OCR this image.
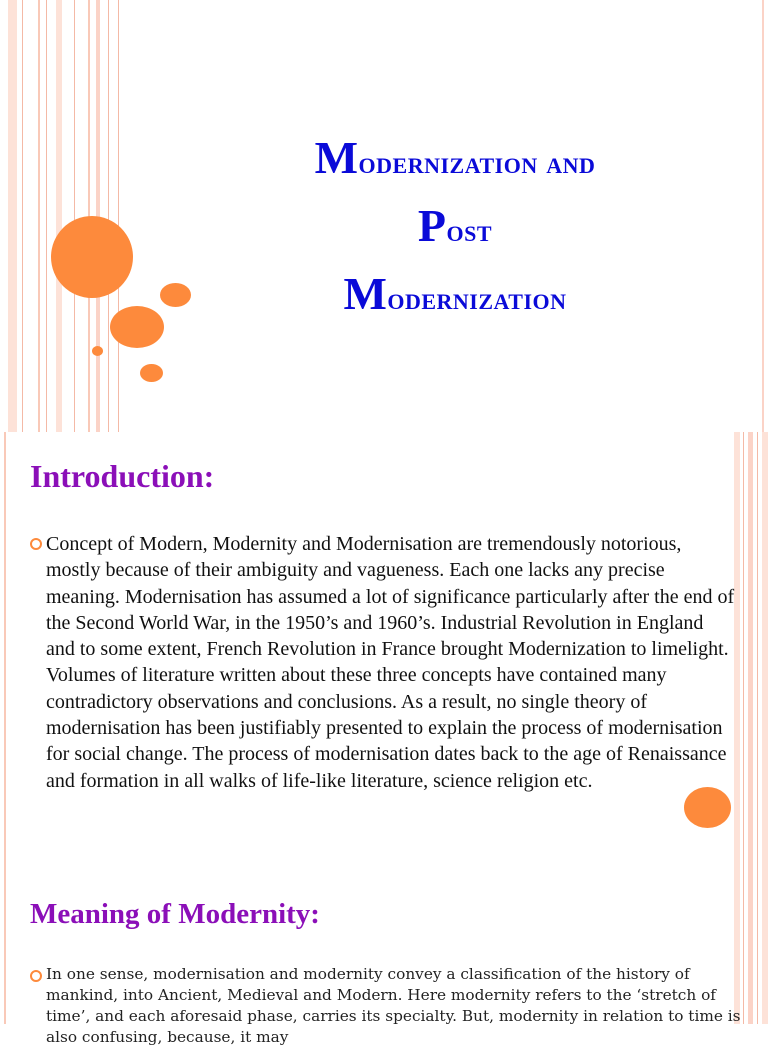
Modernization and
Post
Modernization
Introduction:

Concept of Modern, Modernity and Modernisation are tremendously notorious, mostly because of their ambiguity and vagueness. Each one lacks any precise meaning. Modernisation has assumed a lot of significance particularly after the end of the Second World War, in the 1950’s and 1960’s. Industrial Revolution in England and to some extent, French Revolution in France brought Modernization to limelight. Volumes of literature written about these three concepts have contained many contradictory observations and conclusions. As a result, no single theory of modernisation has been justifiably presented to explain the process of modernisation for social change. The process of modernisation dates back to the age of Renaissance and formation in all walks of life-like literature, science religion etc.

Meaning of Modernity:

In one sense, modernisation and modernity convey a classification of the history of mankind, into Ancient, Medieval and Modern. Here modernity refers to the ‘stretch of time’, and each aforesaid phase, carries its specialty. But, modernity in relation to time is also confusing, because, it may
